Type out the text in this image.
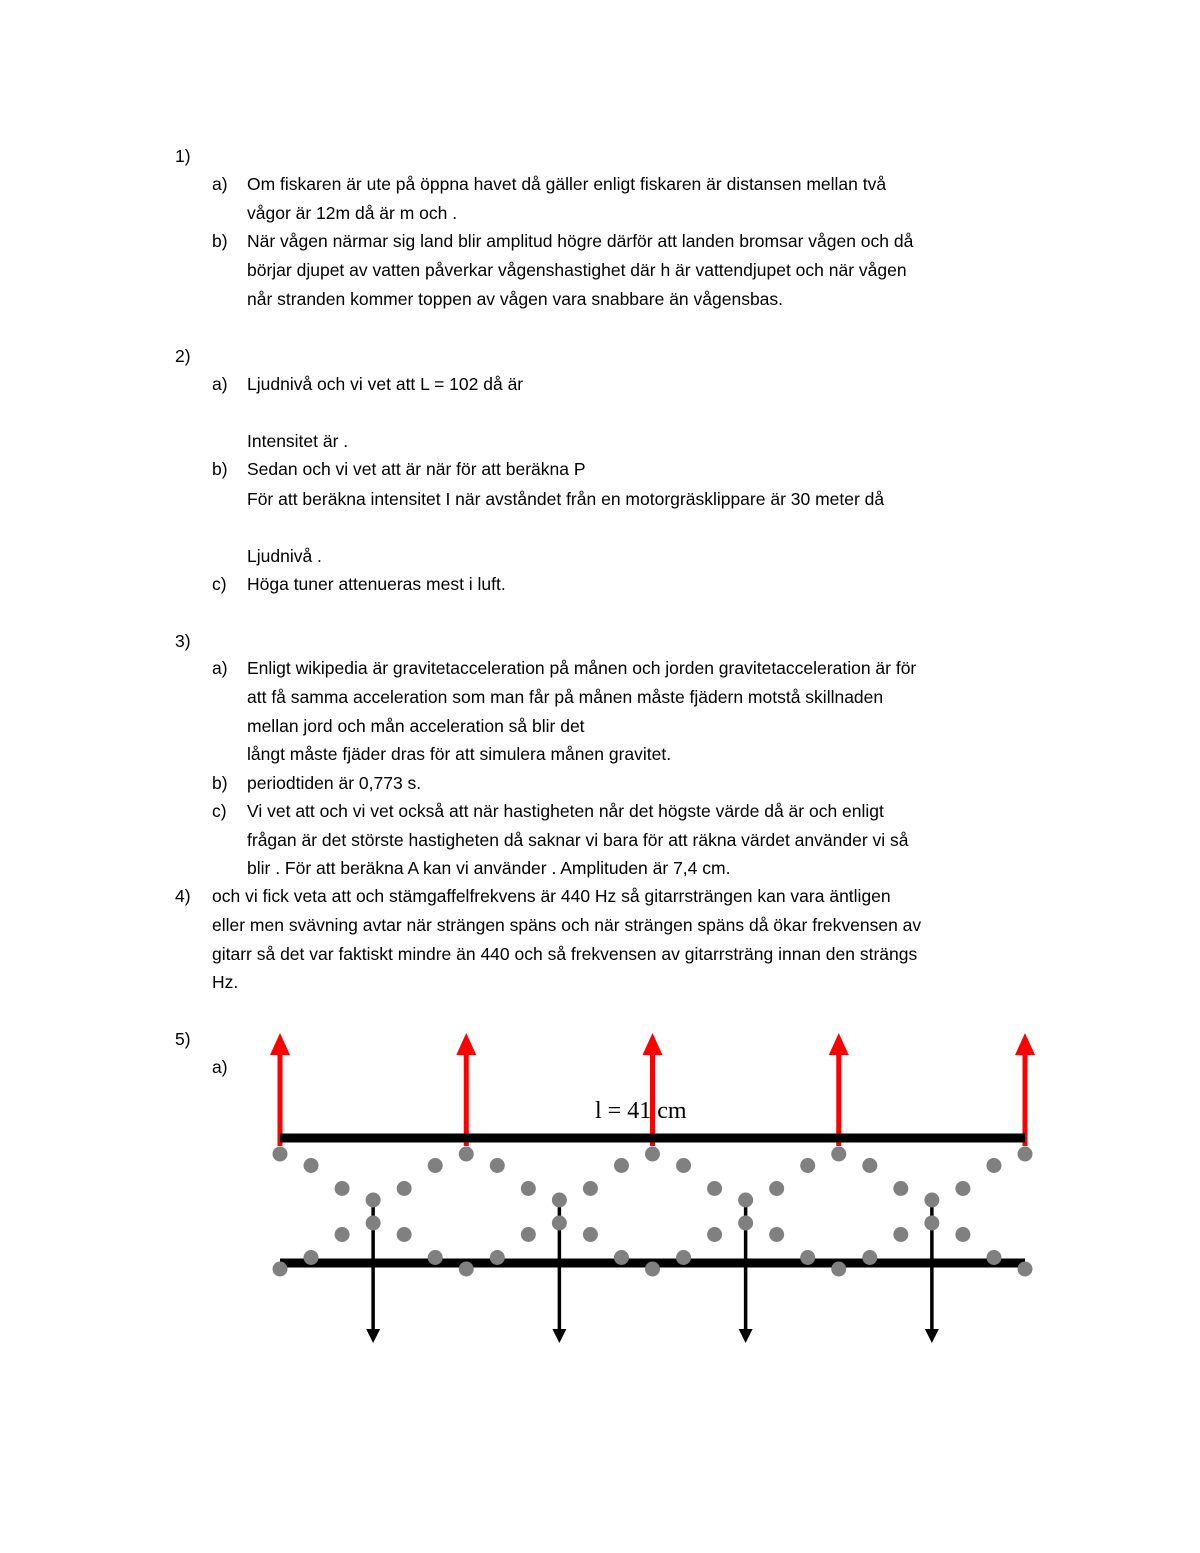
1)
a) Om fiskaren är ute på öppna havet då gäller enligt fiskaren är distansen mellan två
vågor är 12m då är m och .
b) När vågen närmar sig land blir amplitud högre därför att landen bromsar vågen och då
börjar djupet av vatten påverkar vågenshastighet där h är vattendjupet och när vågen
når stranden kommer toppen av vågen vara snabbare än vågensbas.
2)
a) Ljudnivå och vi vet att L = 102 då är
Intensitet är .
b) Sedan och vi vet att är när för att beräkna P
För att beräkna intensitet I när avståndet från en motorgräsklippare är 30 meter då
Ljudnivå .
c) Höga tuner attenueras mest i luft.
3)
a) Enligt wikipedia är gravitetacceleration på månen och jorden gravitetacceleration är för
att få samma acceleration som man får på månen måste fjädern motstå skillnaden
mellan jord och mån acceleration så blir det
långt måste fjäder dras för att simulera månen gravitet.
b) periodtiden är 0,773 s.
c) Vi vet att och vi vet också att när hastigheten når det högste värde då är och enligt
frågan är det störste hastigheten då saknar vi bara för att räkna värdet använder vi så
blir . För att beräkna A kan vi använder . Amplituden är 7,4 cm.
4) och vi fick veta att och stämgaffelfrekvens är 440 Hz så gitarrsträngen kan vara äntligen
eller men svävning avtar när strängen späns och när strängen späns då ökar frekvensen av
gitarr så det var faktiskt mindre än 440 och så frekvensen av gitarrsträng innan den strängs
Hz.
5)
a)
l = 41 cm
